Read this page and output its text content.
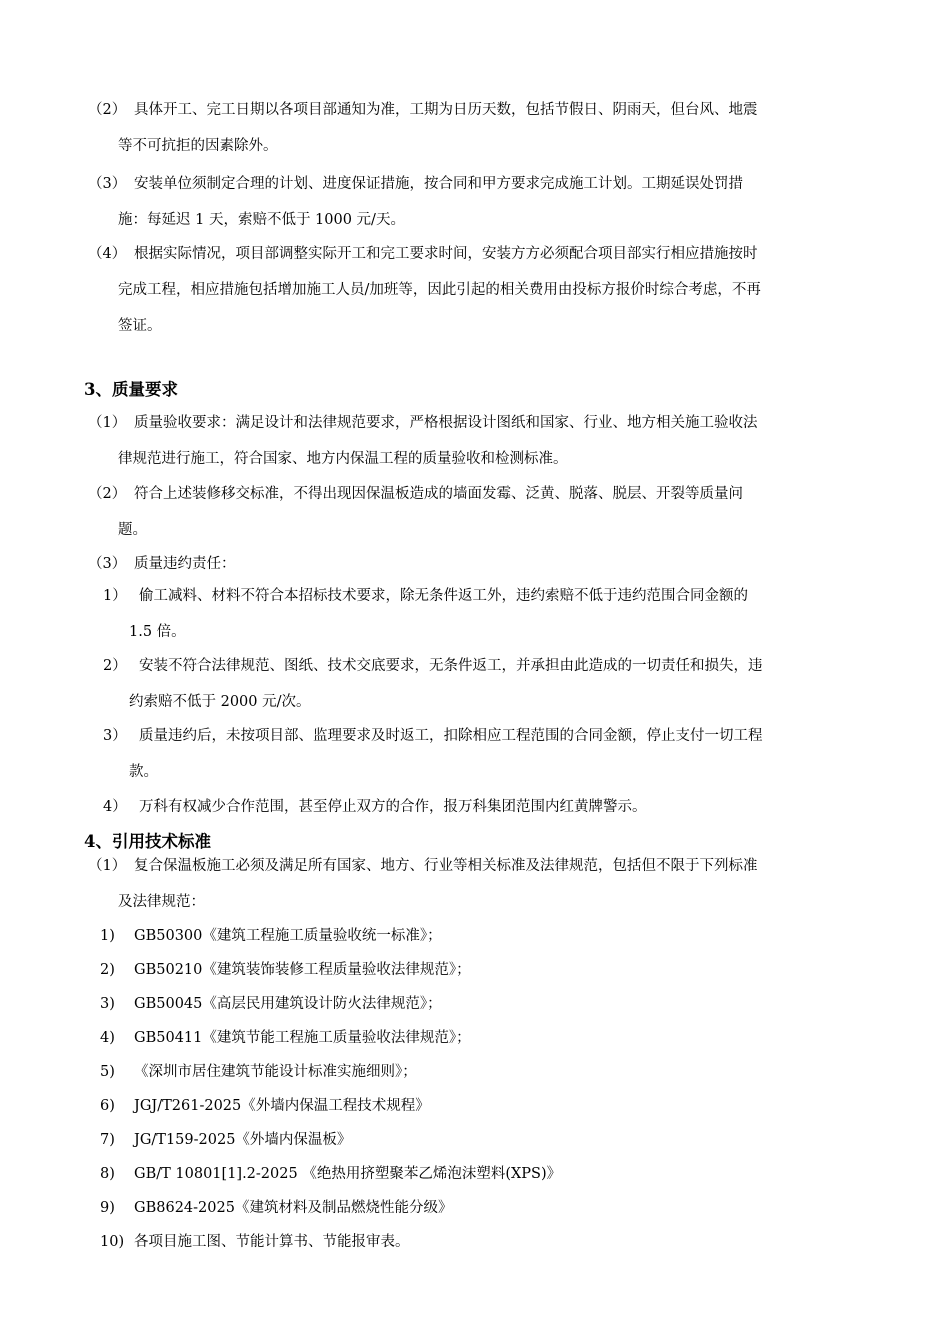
（2） 具体开工、完工日期以各项目部通知为准，工期为日历天数，包括节假日、阴雨天，但台风、地震
等不可抗拒的因素除外。
（3） 安装单位须制定合理的计划、进度保证措施，按合同和甲方要求完成施工计划。工期延误处罚措
施：每延迟 1 天，索赔不低于 1000 元/天。
（4） 根据实际情况，项目部调整实际开工和完工要求时间，安装方方必须配合项目部实行相应措施按时
完成工程，相应措施包括增加施工人员/加班等，因此引起的相关费用由投标方报价时综合考虑，不再
签证。
3、质量要求
（1） 质量验收要求：满足设计和法律规范要求，严格根据设计图纸和国家、行业、地方相关施工验收法
律规范进行施工，符合国家、地方内保温工程的质量验收和检测标准。
（2） 符合上述装修移交标准，不得出现因保温板造成的墙面发霉、泛黄、脱落、脱层、开裂等质量问
题。
（3） 质量违约责任：
1） 偷工减料、材料不符合本招标技术要求，除无条件返工外，违约索赔不低于违约范围合同金额的
1.5 倍。
2） 安装不符合法律规范、图纸、技术交底要求，无条件返工，并承担由此造成的一切责任和损失，违
约索赔不低于 2000 元/次。
3） 质量违约后，未按项目部、监理要求及时返工，扣除相应工程范围的合同金额，停止支付一切工程
款。
4） 万科有权减少合作范围，甚至停止双方的合作，报万科集团范围内红黄牌警示。
4、引用技术标准
（1） 复合保温板施工必须及满足所有国家、地方、行业等相关标准及法律规范，包括但不限于下列标准
及法律规范：
1) GB50300《建筑工程施工质量验收统一标准》；
2) GB50210《建筑装饰装修工程质量验收法律规范》；
3) GB50045《高层民用建筑设计防火法律规范》；
4) GB50411《建筑节能工程施工质量验收法律规范》；
5) 《深圳市居住建筑节能设计标准实施细则》；
6) JGJ/T261-2025《外墙内保温工程技术规程》
7) JG/T159-2025《外墙内保温板》
8) GB/T 10801[1].2-2025 《绝热用挤塑聚苯乙烯泡沫塑料(XPS)》
9) GB8624-2025《建筑材料及制品燃烧性能分级》
10) 各项目施工图、节能计算书、节能报审表。
